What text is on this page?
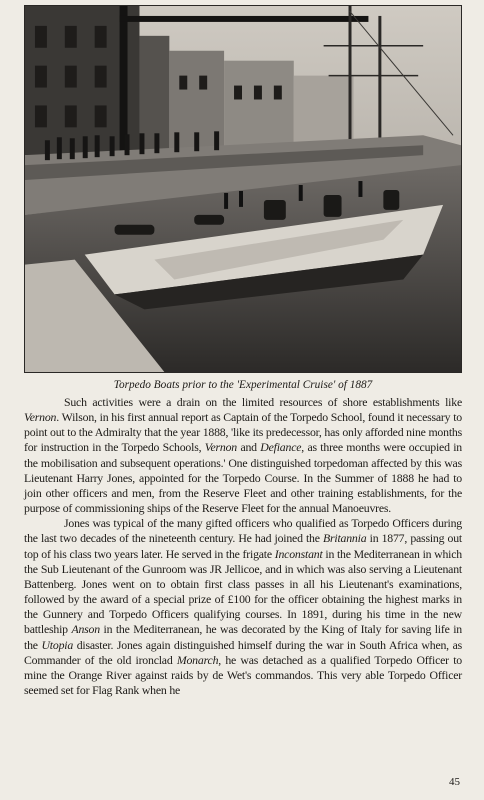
Torpedo Boats prior to the 'Experimental Cruise' of 1887

Such activities were a drain on the limited resources of shore establishments like Vernon. Wilson, in his first annual report as Captain of the Torpedo School, found it necessary to point out to the Admiralty that the year 1888, 'like its predecessor, has only afforded nine months for instruction in the Torpedo Schools, Vernon and Defiance, as three months were occupied in the mobilisation and subsequent operations.' One distinguished torpedoman affected by this was Lieutenant Harry Jones, appointed for the Torpedo Course. In the Summer of 1888 he had to join other officers and men, from the Reserve Fleet and other training establishments, for the purpose of commissioning ships of the Reserve Fleet for the annual Manoeuvres.

Jones was typical of the many gifted officers who qualified as Torpedo Officers during the last two decades of the nineteenth century. He had joined the Britannia in 1877, passing out top of his class two years later. He served in the frigate Inconstant in the Mediterranean in which the Sub Lieutenant of the Gunroom was JR Jellicoe, and in which was also serving a Lieutenant Battenberg. Jones went on to obtain first class passes in all his Lieutenant's examinations, followed by the award of a special prize of £100 for the officer obtaining the highest marks in the Gunnery and Torpedo Officers qualifying courses. In 1891, during his time in the new battleship Anson in the Mediterranean, he was decorated by the King of Italy for saving life in the Utopia disaster. Jones again distinguished himself during the war in South Africa when, as Commander of the old ironclad Monarch, he was detached as a qualified Torpedo Officer to mine the Orange River against raids by de Wet's commandos. This very able Torpedo Officer seemed set for Flag Rank when he

45
